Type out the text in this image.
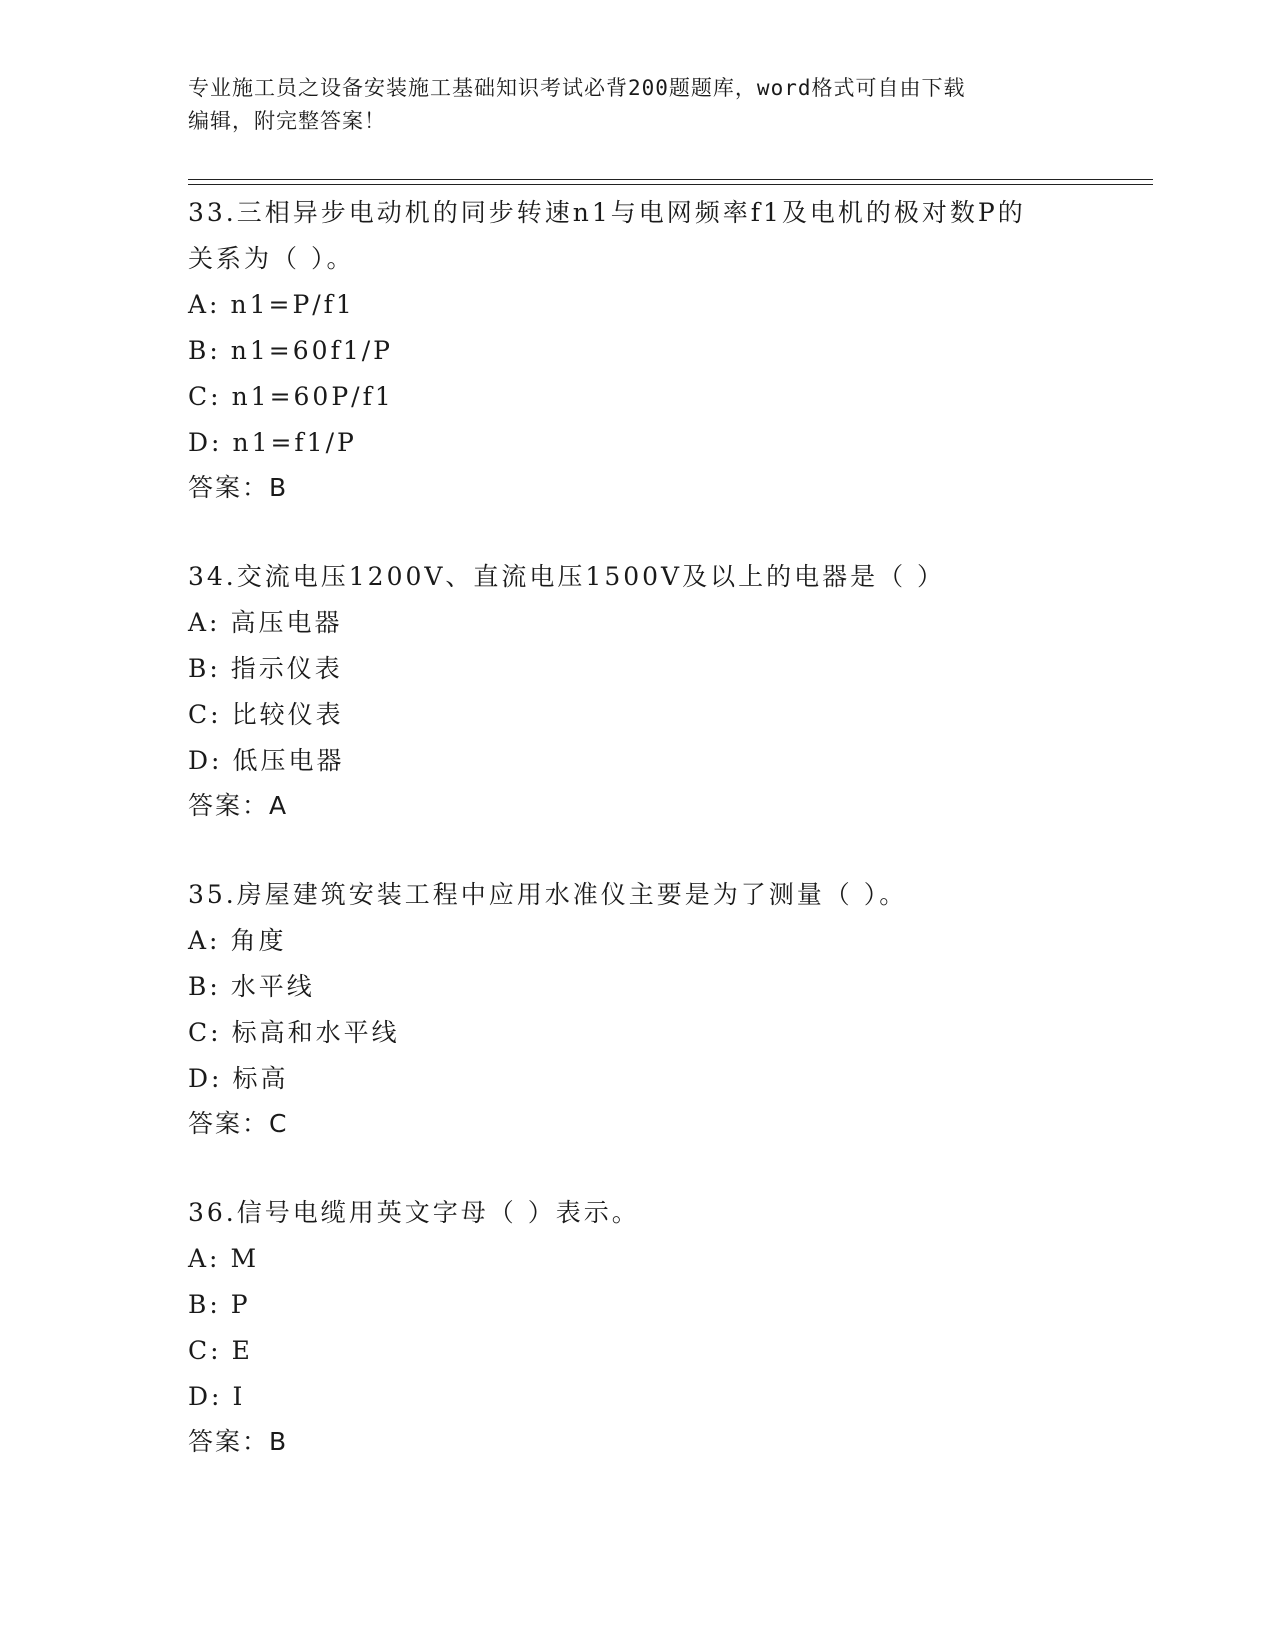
专业施工员之设备安装施工基础知识考试必背200题题库，word格式可自由下载
编辑，附完整答案！
33.三相异步电动机的同步转速n1与电网频率f1及电机的极对数P的
关系为（ ）。
A: n1=P/f1
B: n1=60f1/P
C: n1=60P/f1
D: n1=f1/P
答案：B
34.交流电压1200V、直流电压1500V及以上的电器是（ ）
A: 高压电器
B: 指示仪表
C: 比较仪表
D: 低压电器
答案：A
35.房屋建筑安装工程中应用水准仪主要是为了测量（ ）。
A: 角度
B: 水平线
C: 标高和水平线
D: 标高
答案：C
36.信号电缆用英文字母（ ）表示。
A: M
B: P
C: E
D: I
答案：B
